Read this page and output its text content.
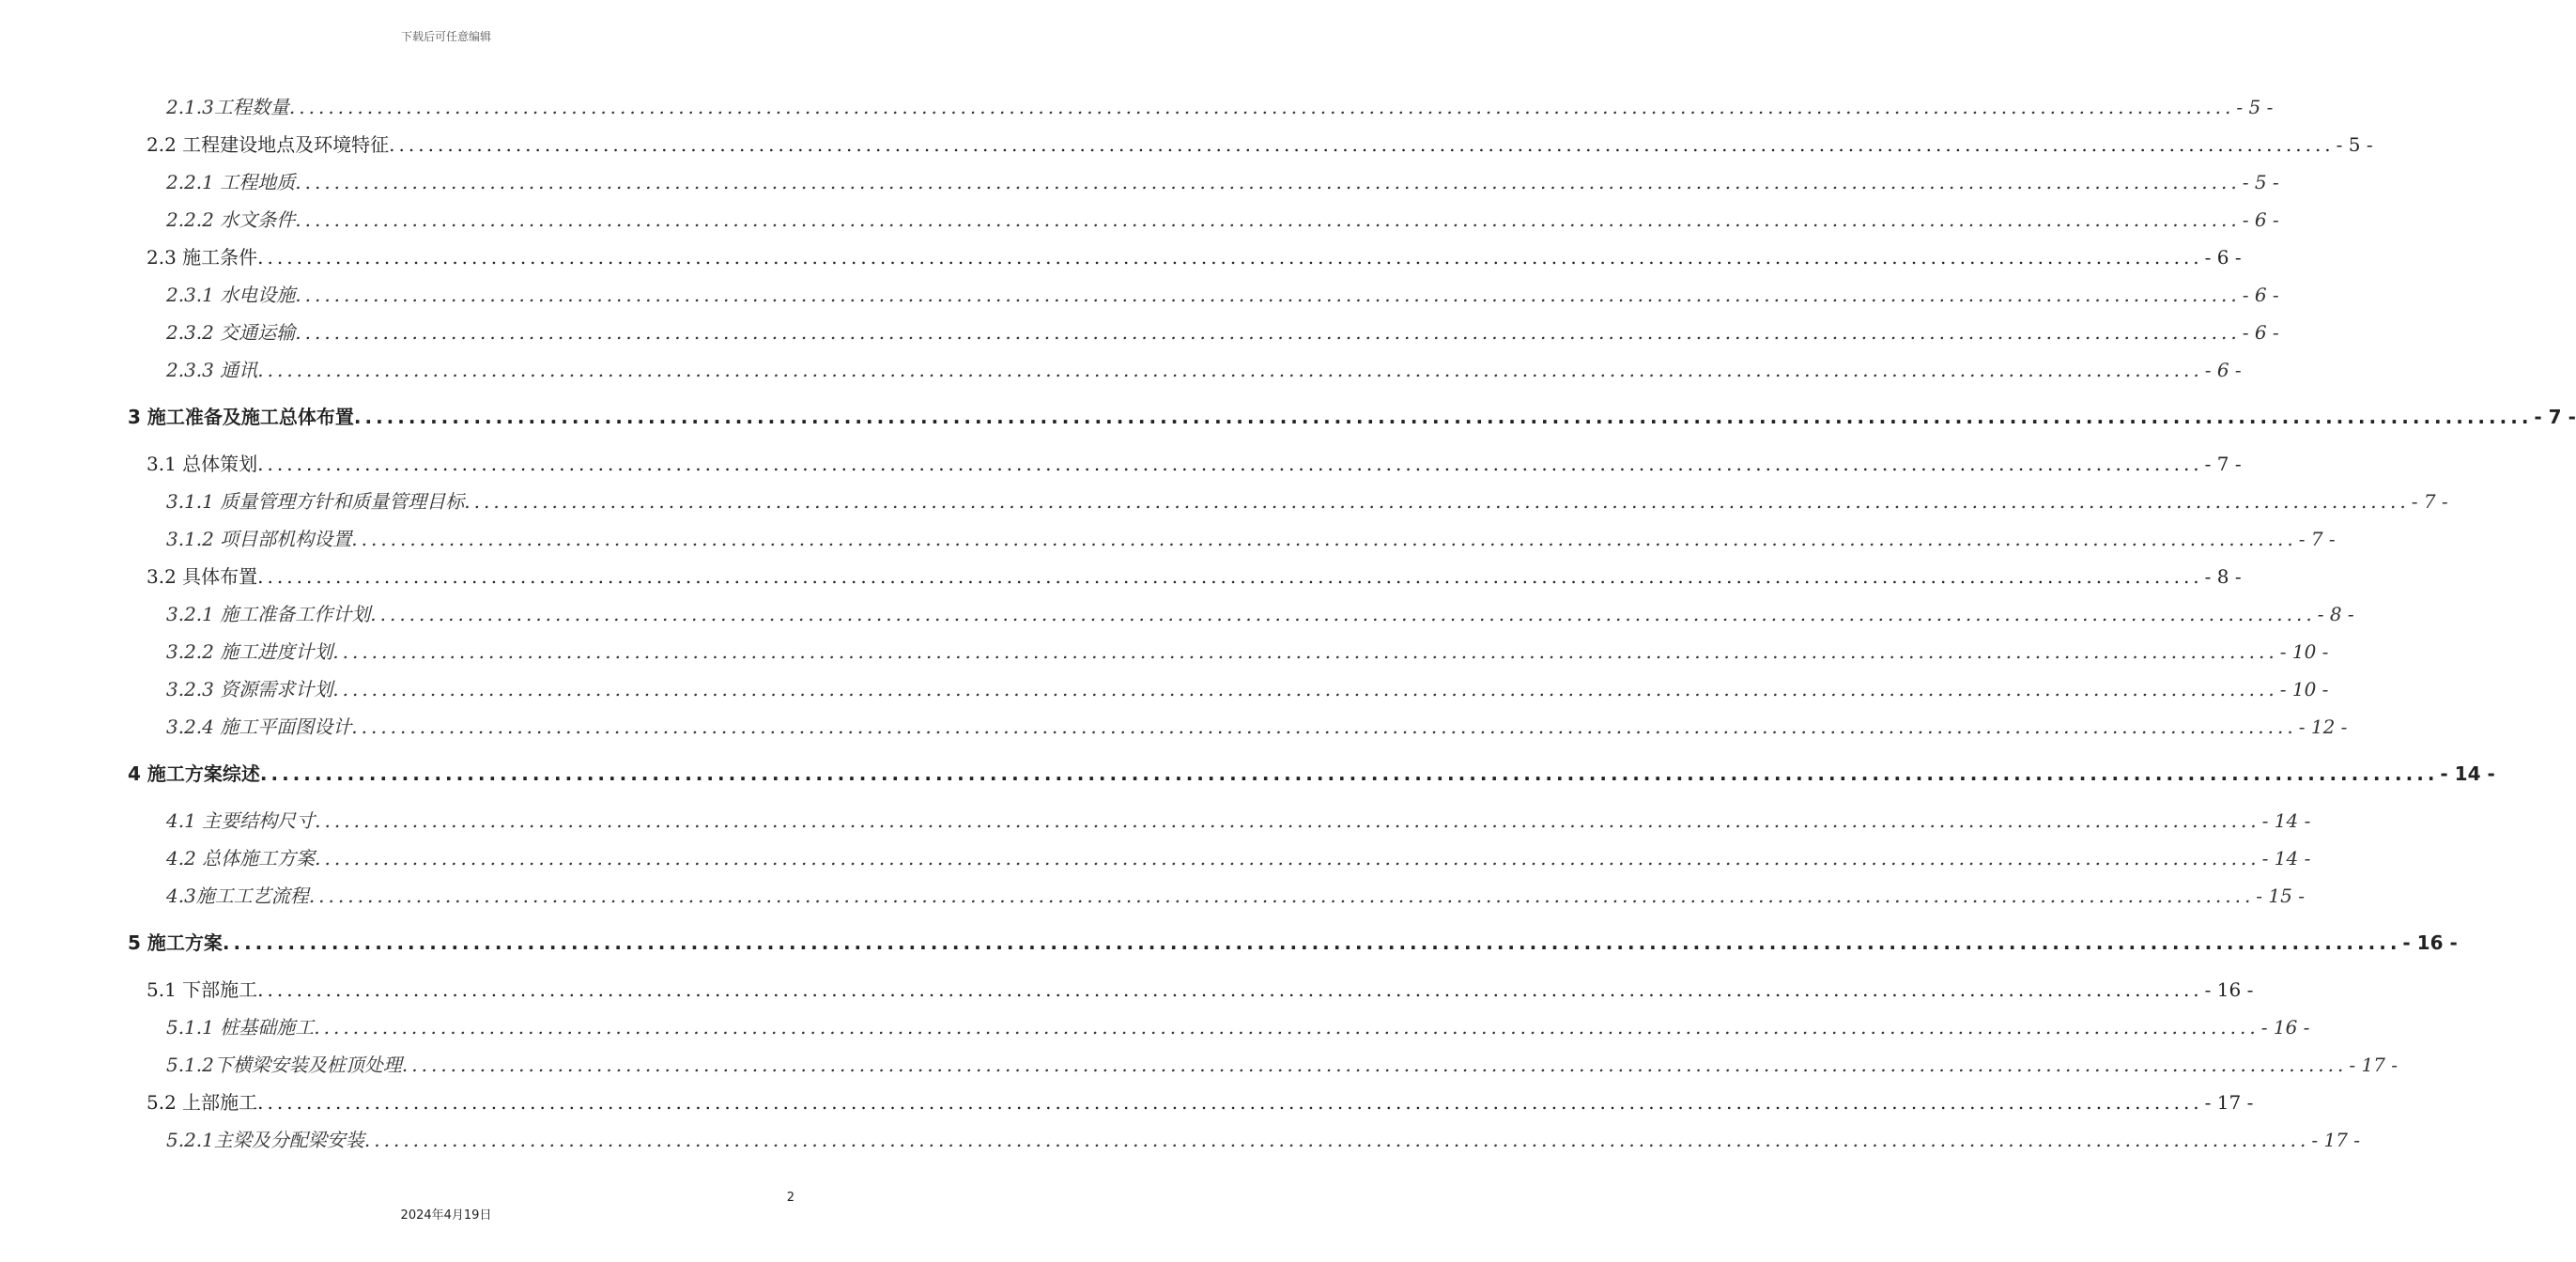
下载后可任意编辑
2.1.3工程数量 ........................................................................................................................................................................................................ - 5 -
2.2 工程建设地点及环境特征 ........................................................................................................................................................................................................ - 5 -
2.2.1 工程地质 ........................................................................................................................................................................................................ - 5 -
2.2.2 水文条件 ........................................................................................................................................................................................................ - 6 -
2.3 施工条件 ........................................................................................................................................................................................................ - 6 -
2.3.1 水电设施 ........................................................................................................................................................................................................ - 6 -
2.3.2 交通运输 ........................................................................................................................................................................................................ - 6 -
2.3.3 通讯 ........................................................................................................................................................................................................ - 6 -
3 施工准备及施工总体布置 ........................................................................................................................................................................................................ - 7 -
3.1 总体策划 ........................................................................................................................................................................................................ - 7 -
3.1.1 质量管理方针和质量管理目标 ........................................................................................................................................................................................................ - 7 -
3.1.2 项目部机构设置 ........................................................................................................................................................................................................ - 7 -
3.2 具体布置 ........................................................................................................................................................................................................ - 8 -
3.2.1 施工准备工作计划 ........................................................................................................................................................................................................ - 8 -
3.2.2 施工进度计划 ........................................................................................................................................................................................................ - 10 -
3.2.3 资源需求计划 ........................................................................................................................................................................................................ - 10 -
3.2.4 施工平面图设计 ........................................................................................................................................................................................................ - 12 -
4 施工方案综述 ........................................................................................................................................................................................................ - 14 -
4.1 主要结构尺寸 ........................................................................................................................................................................................................ - 14 -
4.2 总体施工方案 ........................................................................................................................................................................................................ - 14 -
4.3施工工艺流程 ........................................................................................................................................................................................................ - 15 -
5 施工方案 ........................................................................................................................................................................................................ - 16 -
5.1 下部施工 ........................................................................................................................................................................................................ - 16 -
5.1.1 桩基础施工 ........................................................................................................................................................................................................ - 16 -
5.1.2下横梁安装及桩顶处理 ........................................................................................................................................................................................................ - 17 -
5.2 上部施工 ........................................................................................................................................................................................................ - 17 -
5.2.1主梁及分配梁安装 ........................................................................................................................................................................................................ - 17 -
2
2024年4月19日
